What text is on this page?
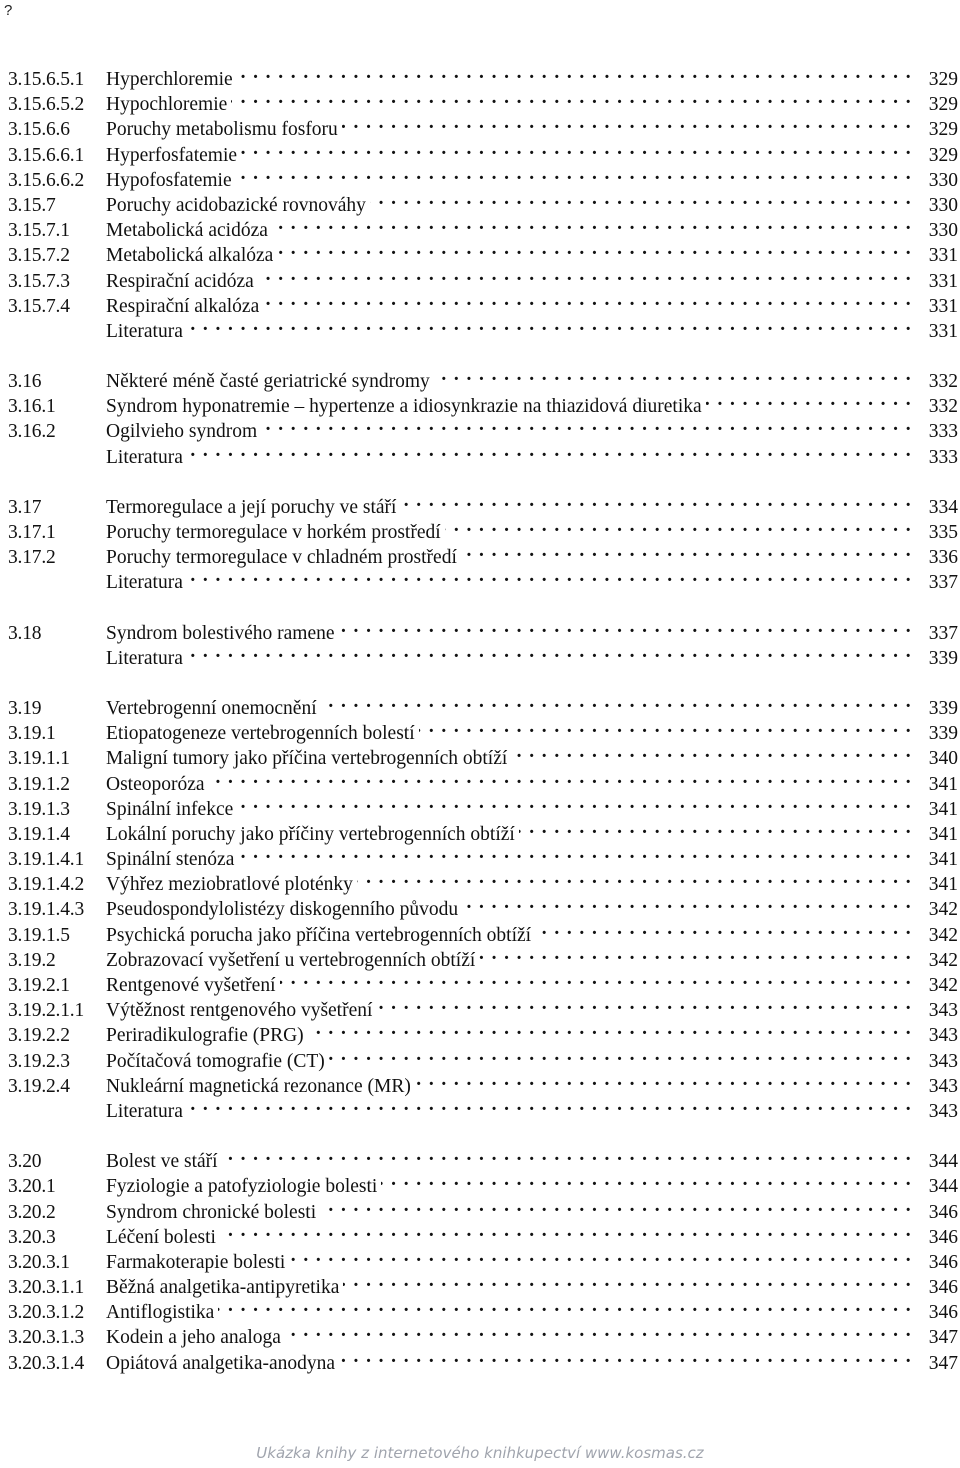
?
3.15.6.5.1	Hyperchloremie . . .	329
3.15.6.5.2	Hypochloremie . . .	329
3.15.6.6	Poruchy metabolismu fosforu . . .	329
3.15.6.6.1	Hyperfosfatemie . . .	329
3.15.6.6.2	Hypofosfatemie . . .	330
3.15.7	Poruchy acidobazické rovnováhy . . .	330
3.15.7.1	Metabolická acidóza . . .	330
3.15.7.2	Metabolická alkalóza . . .	331
3.15.7.3	Respirační acidóza . . .	331
3.15.7.4	Respirační alkalóza . . .	331
Literatura . . .	331
3.16	Některé méně časté geriatrické syndromy . . .	332
3.16.1	Syndrom hyponatremie – hypertenze a idiosynkrazie na thiazidová diuretika . . .	332
3.16.2	Ogilvieho syndrom . . .	333
Literatura . . .	333
3.17	Termoregulace a její poruchy ve stáří . . .	334
3.17.1	Poruchy termoregulace v horkém prostředí . . .	335
3.17.2	Poruchy termoregulace v chladném prostředí . . .	336
Literatura . . .	337
3.18	Syndrom bolestivého ramene . . .	337
Literatura . . .	339
3.19	Vertebrogenní onemocnění . . .	339
3.19.1	Etiopatogeneze vertebrogenních bolestí . . .	339
3.19.1.1	Maligní tumory jako příčina vertebrogenních obtíží . . .	340
3.19.1.2	Osteoporóza . . .	341
3.19.1.3	Spinální infekce . . .	341
3.19.1.4	Lokální poruchy jako příčiny vertebrogenních obtíží . . .	341
3.19.1.4.1	Spinální stenóza . . .	341
3.19.1.4.2	Výhřez meziobratlové ploténky . . .	341
3.19.1.4.3	Pseudospondylolistézy diskogenního původu . . .	342
3.19.1.5	Psychická porucha jako příčina vertebrogenních obtíží . . .	342
3.19.2	Zobrazovací vyšetření u vertebrogenních obtíží . . .	342
3.19.2.1	Rentgenové vyšetření . . .	342
3.19.2.1.1	Výtěžnost rentgenového vyšetření . . .	343
3.19.2.2	Periradikulografie (PRG) . . .	343
3.19.2.3	Počítačová tomografie (CT) . . .	343
3.19.2.4	Nukleární magnetická rezonance (MR) . . .	343
Literatura . . .	343
3.20	Bolest ve stáří . . .	344
3.20.1	Fyziologie a patofyziologie bolesti . . .	344
3.20.2	Syndrom chronické bolesti . . .	346
3.20.3	Léčení bolesti . . .	346
3.20.3.1	Farmakoterapie bolesti . . .	346
3.20.3.1.1	Běžná analgetika-antipyretika . . .	346
3.20.3.1.2	Antiflogistika . . .	346
3.20.3.1.3	Kodein a jeho analoga . . .	347
3.20.3.1.4	Opiátová analgetika-anodyna . . .	347
Ukázka knihy z internetového knihkupectví www.kosmas.cz
